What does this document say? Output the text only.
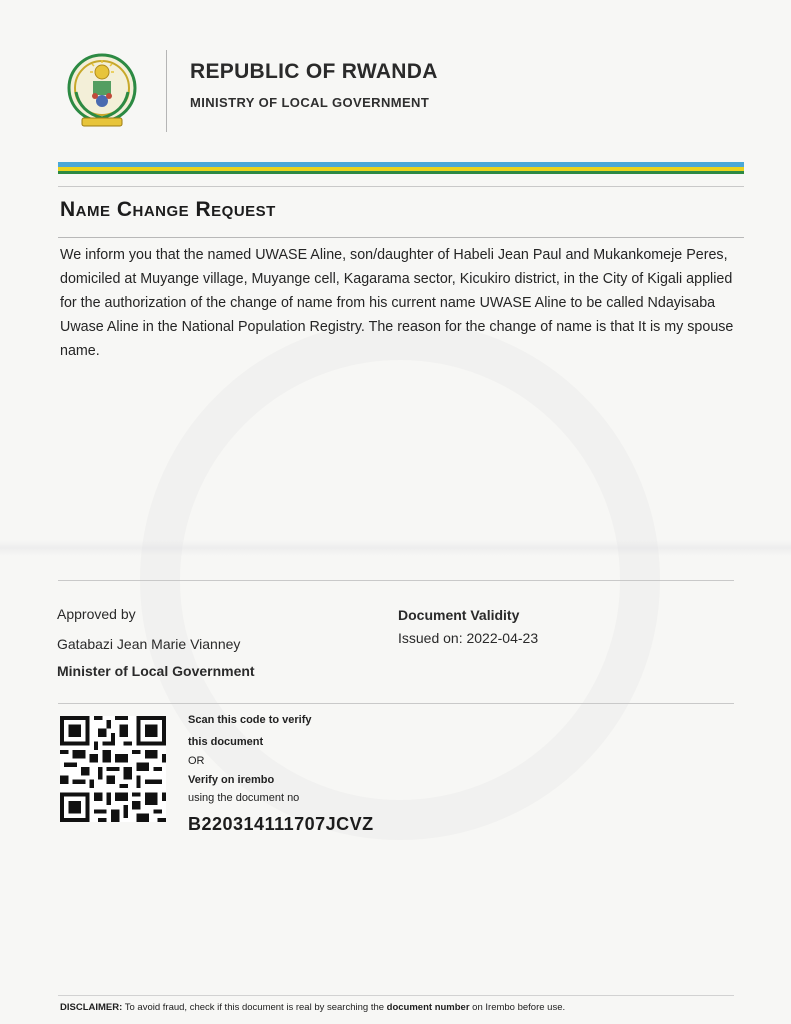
REPUBLIC OF RWANDA
MINISTRY OF LOCAL GOVERNMENT
Name Change Request
We inform you that the named UWASE Aline, son/daughter of Habeli Jean Paul and Mukankomeje Peres, domiciled at Muyange village, Muyange cell, Kagarama sector, Kicukiro district, in the City of Kigali applied for the authorization of the change of name from his current name UWASE Aline to be called Ndayisaba Uwase Aline in the National Population Registry. The reason for the change of name is that It is my spouse name.
Approved by
Gatabazi Jean Marie Vianney
Minister of Local Government
Document Validity
Issued on: 2022-04-23
Scan this code to verify
this document
OR
Verify on irembo
using the document no
B220314111707JCVZ
DISCLAIMER: To avoid fraud, check if this document is real by searching the document number on Irembo before use.
